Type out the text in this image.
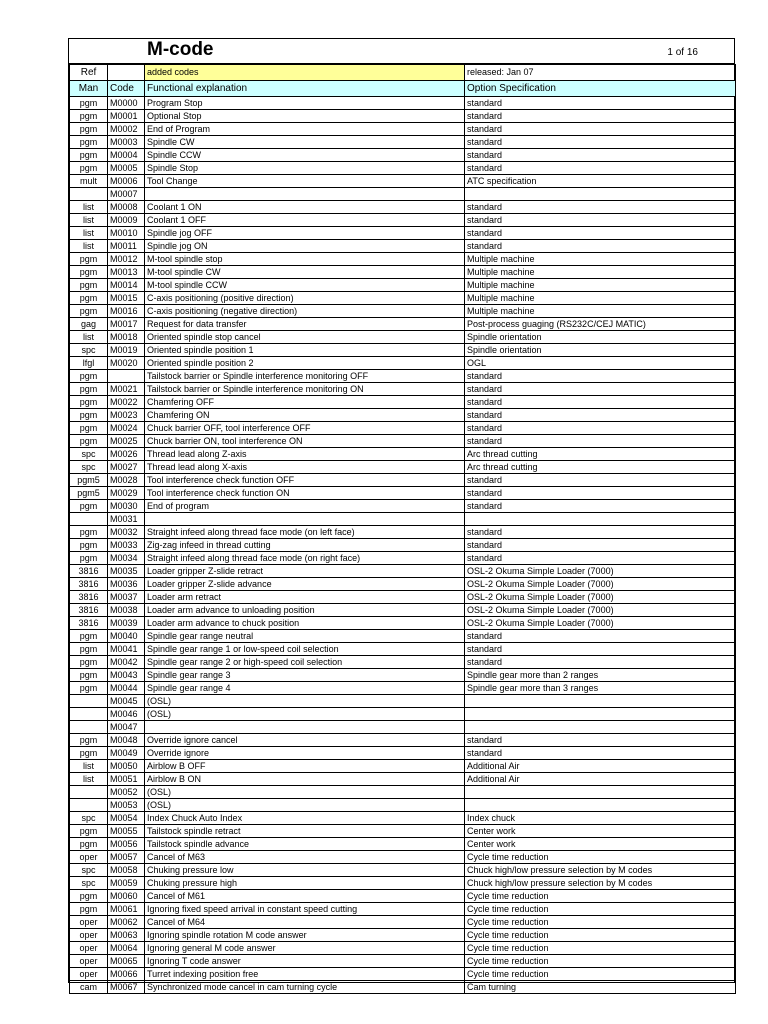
M-code	1 of 16
Ref		added codes	released: Jan 07
Man	Code	Functional explanation	Option Specification
pgm	M0000	Program Stop	standard
pgm	M0001	Optional Stop	standard
pgm	M0002	End of Program	standard
pgm	M0003	Spindle CW	standard
pgm	M0004	Spindle CCW	standard
pgm	M0005	Spindle Stop	standard
mult	M0006	Tool Change	ATC specification
	M0007		
list	M0008	Coolant 1 ON	standard
list	M0009	Coolant 1 OFF	standard
list	M0010	Spindle jog OFF	standard
list	M0011	Spindle jog ON	standard
pgm	M0012	M-tool spindle stop	Multiple machine
pgm	M0013	M-tool spindle CW	Multiple machine
pgm	M0014	M-tool spindle CCW	Multiple machine
pgm	M0015	C-axis positioning (positive direction)	Multiple machine
pgm	M0016	C-axis positioning (negative direction)	Multiple machine
gag	M0017	Request for data transfer	Post-process guaging (RS232C/CEJ MATIC)
list	M0018	Oriented spindle stop cancel	Spindle orientation
spc	M0019	Oriented spindle position 1	Spindle orientation
lfgl	M0020	Oriented spindle position 2	OGL
pgm		Tailstock barrier or Spindle interference monitoring OFF	standard
pgm	M0021	Tailstock barrier or Spindle interference monitoring ON	standard
pgm	M0022	Chamfering OFF	standard
pgm	M0023	Chamfering ON	standard
pgm	M0024	Chuck barrier OFF, tool interference OFF	standard
pgm	M0025	Chuck barrier ON, tool interference ON	standard
spc	M0026	Thread lead along Z-axis	Arc thread cutting
spc	M0027	Thread lead along X-axis	Arc thread cutting
pgm5	M0028	Tool interference check function OFF	standard
pgm5	M0029	Tool interference check function ON	standard
pgm	M0030	End of program	standard
	M0031		
pgm	M0032	Straight infeed along thread face mode (on left face)	standard
pgm	M0033	Zig-zag infeed in thread cutting	standard
pgm	M0034	Straight infeed along thread face mode (on right face)	standard
3816	M0035	Loader gripper Z-slide retract	OSL-2 Okuma Simple Loader (7000)
3816	M0036	Loader gripper Z-slide advance	OSL-2 Okuma Simple Loader (7000)
3816	M0037	Loader arm retract	OSL-2 Okuma Simple Loader (7000)
3816	M0038	Loader arm advance to unloading position	OSL-2 Okuma Simple Loader (7000)
3816	M0039	Loader arm advance to chuck position	OSL-2 Okuma Simple Loader (7000)
pgm	M0040	Spindle gear range neutral	standard
pgm	M0041	Spindle gear range 1 or low-speed coil selection	standard
pgm	M0042	Spindle gear range 2 or high-speed coil selection	standard
pgm	M0043	Spindle gear range 3	Spindle gear more than 2 ranges
pgm	M0044	Spindle gear range 4	Spindle gear more than 3 ranges
	M0045	(OSL)	
	M0046	(OSL)	
	M0047		
pgm	M0048	Override ignore cancel	standard
pgm	M0049	Override ignore	standard
list	M0050	Airblow B OFF	Additional Air
list	M0051	Airblow B ON	Additional Air
	M0052	(OSL)	
	M0053	(OSL)	
spc	M0054	Index Chuck Auto Index	Index chuck
pgm	M0055	Tailstock spindle retract	Center work
pgm	M0056	Tailstock spindle advance	Center work
oper	M0057	Cancel of M63	Cycle time reduction
spc	M0058	Chuking pressure low	Chuck high/low pressure selection by M codes
spc	M0059	Chuking pressure high	Chuck high/low pressure selection by M codes
pgm	M0060	Cancel of M61	Cycle time reduction
pgm	M0061	Ignoring fixed speed arrival in constant speed cutting	Cycle time reduction
oper	M0062	Cancel of M64	Cycle time reduction
oper	M0063	Ignoring spindle rotation M code answer	Cycle time reduction
oper	M0064	Ignoring general M code answer	Cycle time reduction
oper	M0065	Ignoring T code answer	Cycle time reduction
oper	M0066	Turret indexing position free	Cycle time reduction
cam	M0067	Synchronized mode cancel in cam turning cycle	Cam turning
